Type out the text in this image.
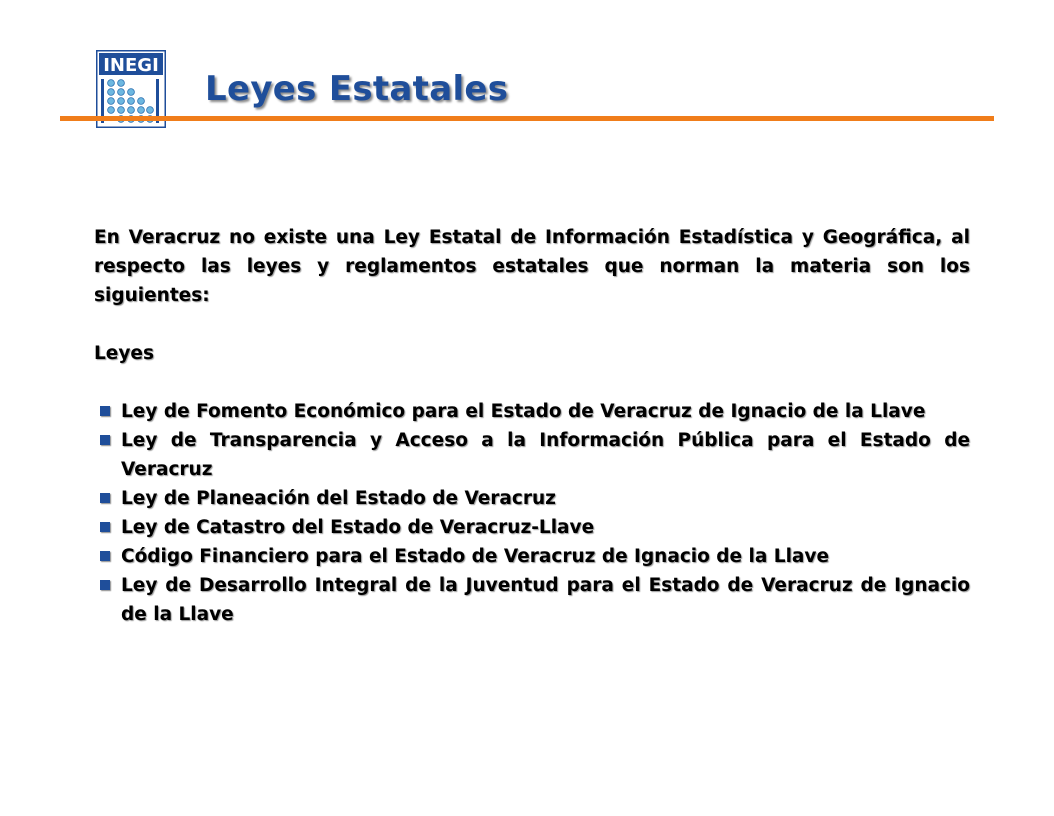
INEGI
Leyes Estatales

En Veracruz no existe una Ley Estatal de Información Estadística y Geográfica, al respecto las leyes y reglamentos estatales que norman la materia son los siguientes:

Leyes
Ley de Fomento Económico para el Estado de Veracruz de Ignacio de la Llave
Ley de Transparencia y Acceso a la Información Pública para el Estado de Veracruz
Ley de Planeación del Estado de Veracruz
Ley de Catastro del Estado de Veracruz-Llave
Código Financiero para el Estado de Veracruz de Ignacio de la Llave
Ley de Desarrollo Integral de la Juventud para el Estado de Veracruz de Ignacio de la Llave
